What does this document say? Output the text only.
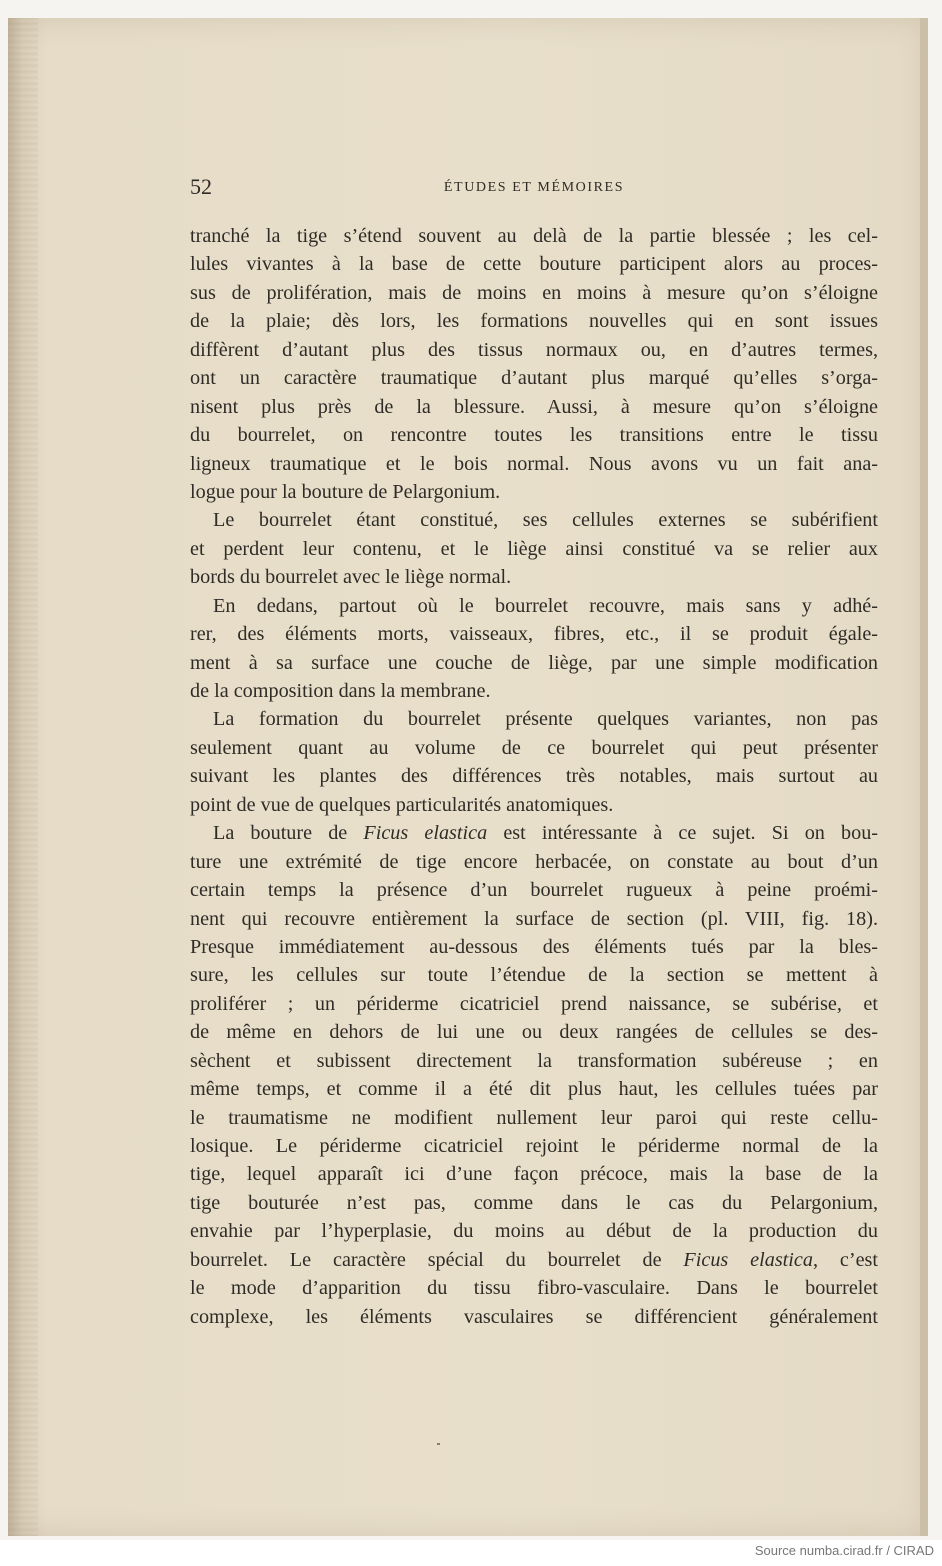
52	ÉTUDES ET MÉMOIRES
tranché la tige s’étend souvent au delà de la partie blessée ; les cel-
lules vivantes à la base de cette bouture participent alors au proces-
sus de prolifération, mais de moins en moins à mesure qu’on s’éloigne
de la plaie; dès lors, les formations nouvelles qui en sont issues
diffèrent d’autant plus des tissus normaux ou, en d’autres termes,
ont un caractère traumatique d’autant plus marqué qu’elles s’orga-
nisent plus près de la blessure. Aussi, à mesure qu’on s’éloigne
du bourrelet, on rencontre toutes les transitions entre le tissu
ligneux traumatique et le bois normal. Nous avons vu un fait ana-
logue pour la bouture de Pelargonium.
Le bourrelet étant constitué, ses cellules externes se subérifient
et perdent leur contenu, et le liège ainsi constitué va se relier aux
bords du bourrelet avec le liège normal.
En dedans, partout où le bourrelet recouvre, mais sans y adhé-
rer, des éléments morts, vaisseaux, fibres, etc., il se produit égale-
ment à sa surface une couche de liège, par une simple modification
de la composition dans la membrane.
La formation du bourrelet présente quelques variantes, non pas
seulement quant au volume de ce bourrelet qui peut présenter
suivant les plantes des différences très notables, mais surtout au
point de vue de quelques particularités anatomiques.
La bouture de Ficus elastica est intéressante à ce sujet. Si on bou-
ture une extrémité de tige encore herbacée, on constate au bout d’un
certain temps la présence d’un bourrelet rugueux à peine proémi-
nent qui recouvre entièrement la surface de section (pl. VIII, fig. 18).
Presque immédiatement au-dessous des éléments tués par la bles-
sure, les cellules sur toute l’étendue de la section se mettent à
proliférer ; un périderme cicatriciel prend naissance, se subérise, et
de même en dehors de lui une ou deux rangées de cellules se des-
sèchent et subissent directement la transformation subéreuse ; en
même temps, et comme il a été dit plus haut, les cellules tuées par
le traumatisme ne modifient nullement leur paroi qui reste cellu-
losique. Le périderme cicatriciel rejoint le périderme normal de la
tige, lequel apparaît ici d’une façon précoce, mais la base de la
tige bouturée n’est pas, comme dans le cas du Pelargonium,
envahie par l’hyperplasie, du moins au début de la production du
bourrelet. Le caractère spécial du bourrelet de Ficus elastica, c’est
le mode d’apparition du tissu fibro-vasculaire. Dans le bourrelet
complexe, les éléments vasculaires se différencient généralement
Source numba.cirad.fr / CIRAD
